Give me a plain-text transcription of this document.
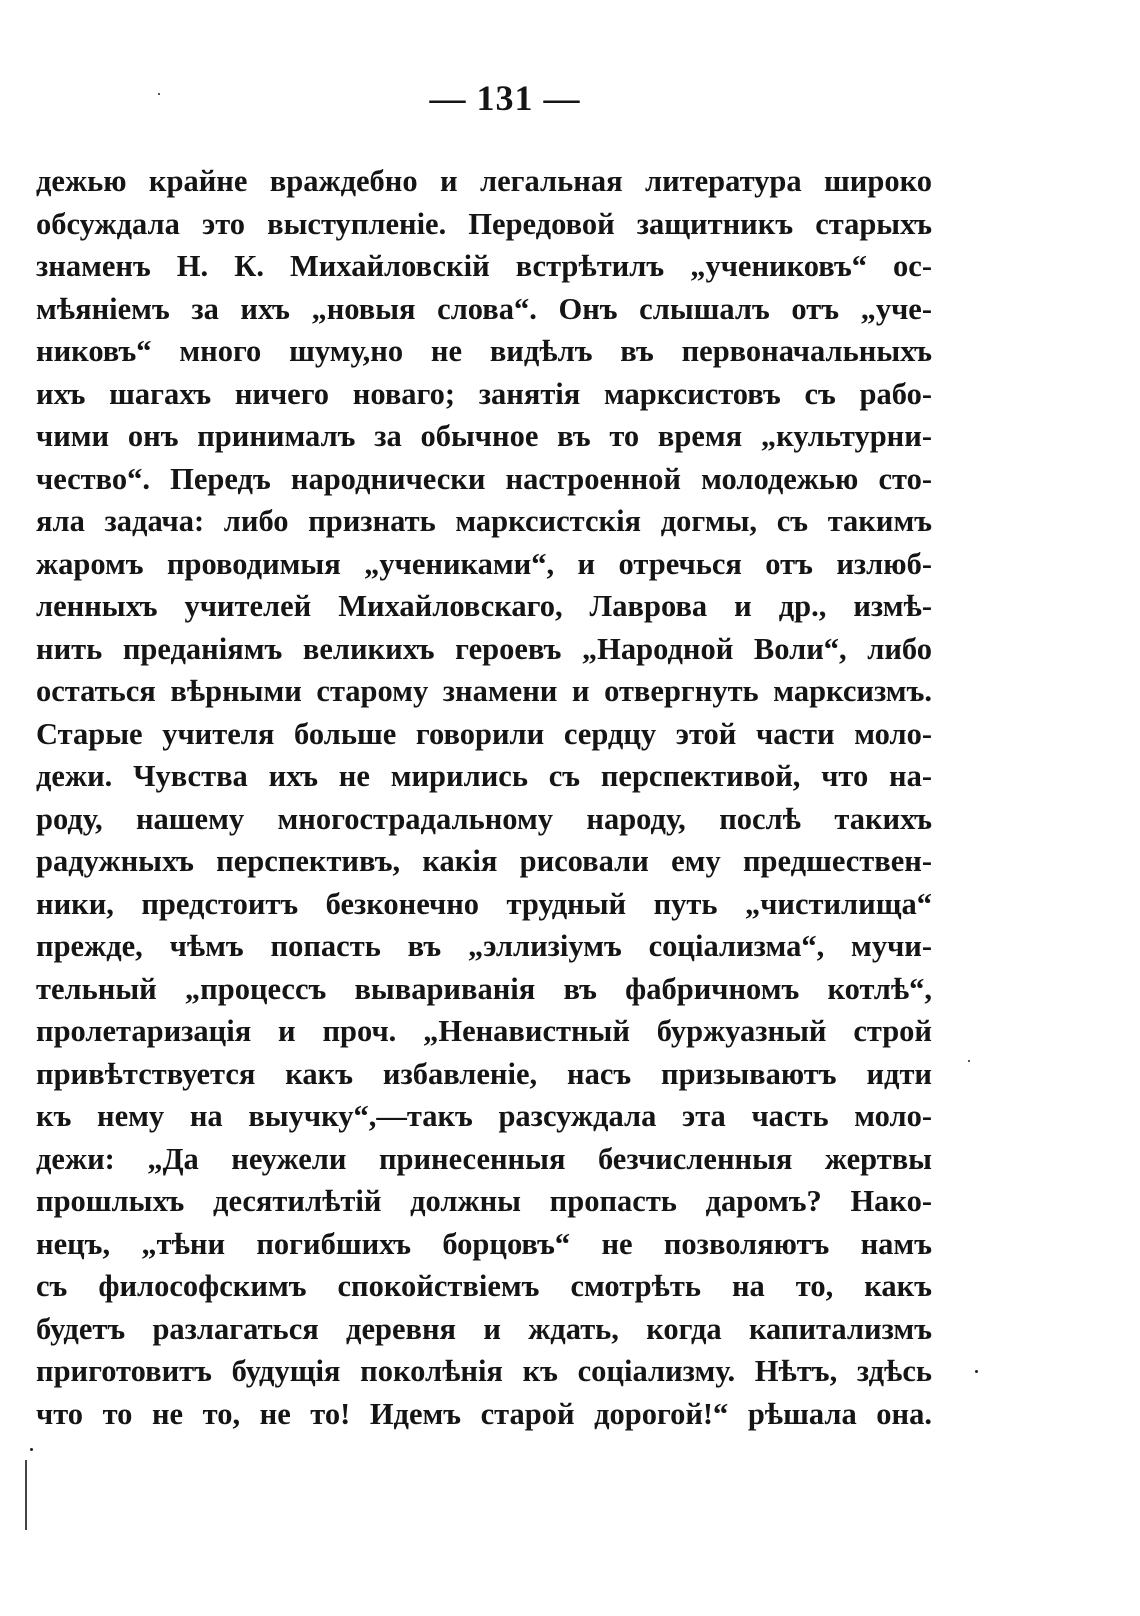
— 131 —
дежью крайне враждебно и легальная литература широко
обсуждала это выступленіе. Передовой защитникъ старыхъ
знаменъ Н. К. Михайловскій встрѣтилъ „учениковъ“ ос-
мѣяніемъ за ихъ „новыя слова“. Онъ слышалъ отъ „уче-
никовъ“ много шуму,но не видѣлъ въ первоначальныхъ
ихъ шагахъ ничего новаго; занятія марксистовъ съ рабо-
чими онъ принималъ за обычное въ то время „культурни-
чество“. Передъ народнически настроенной молодежью сто-
яла задача: либо признать марксистскія догмы, съ такимъ
жаромъ проводимыя „учениками“, и отречься отъ излюб-
ленныхъ учителей Михайловскаго, Лаврова и др., измѣ-
нить преданіямъ великихъ героевъ „Народной Воли“, либо
остаться вѣрными старому знамени и отвергнуть марксизмъ.
Старые учителя больше говорили сердцу этой части моло-
дежи. Чувства ихъ не мирились съ перспективой, что на-
роду, нашему многострадальному народу, послѣ такихъ
радужныхъ перспективъ, какія рисовали ему предшествен-
ники, предстоитъ безконечно трудный путь „чистилища“
прежде, чѣмъ попасть въ „эллизіумъ соціализма“, мучи-
тельный „процессъ вывариванія въ фабричномъ котлѣ“,
пролетаризація и проч. „Ненавистный буржуазный строй
привѣтствуется какъ избавленіе, насъ призываютъ идти
къ нему на выучку“,—такъ разсуждала эта часть моло-
дежи: „Да неужели принесенныя безчисленныя жертвы
прошлыхъ десятилѣтій должны пропасть даромъ? Нако-
нецъ, „тѣни погибшихъ борцовъ“ не позволяютъ намъ
съ философскимъ спокойствіемъ смотрѣть на то, какъ
будетъ разлагаться деревня и ждать, когда капитализмъ
приготовитъ будущія поколѣнія къ соціализму. Нѣтъ, здѣсь
что то не то, не то! Идемъ старой дорогой!“ рѣшала она.
